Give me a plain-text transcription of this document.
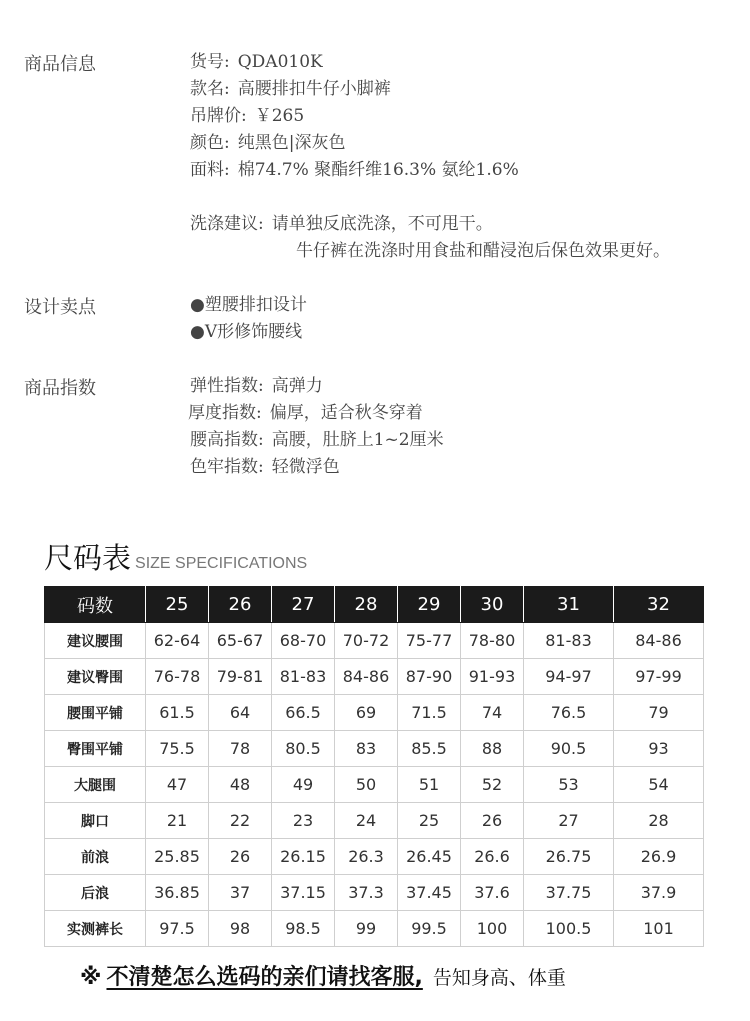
商品信息	货号: QDA010K
款名: 高腰排扣牛仔小脚裤
吊牌价: ￥265
颜色: 纯黑色|深灰色
面料: 棉74.7% 聚酯纤维16.3% 氨纶1.6%
洗涤建议: 请单独反底洗涤，不可甩干。
牛仔裤在洗涤时用食盐和醋浸泡后保色效果更好。
设计卖点	●塑腰排扣设计
●V形修饰腰线
商品指数	弹性指数: 高弹力
厚度指数: 偏厚，适合秋冬穿着
腰高指数: 高腰，肚脐上1~2厘米
色牢指数: 轻微浮色
尺码表 SIZE SPECIFICATIONS
码数	25	26	27	28	29	30	31	32
建议腰围	62-64	65-67	68-70	70-72	75-77	78-80	81-83	84-86
建议臀围	76-78	79-81	81-83	84-86	87-90	91-93	94-97	97-99
腰围平铺	61.5	64	66.5	69	71.5	74	76.5	79
臀围平铺	75.5	78	80.5	83	85.5	88	90.5	93
大腿围	47	48	49	50	51	52	53	54
脚口	21	22	23	24	25	26	27	28
前浪	25.85	26	26.15	26.3	26.45	26.6	26.75	26.9
后浪	36.85	37	37.15	37.3	37.45	37.6	37.75	37.9
实测裤长	97.5	98	98.5	99	99.5	100	100.5	101
※ 不清楚怎么选码的亲们请找客服, 告知身高、体重
